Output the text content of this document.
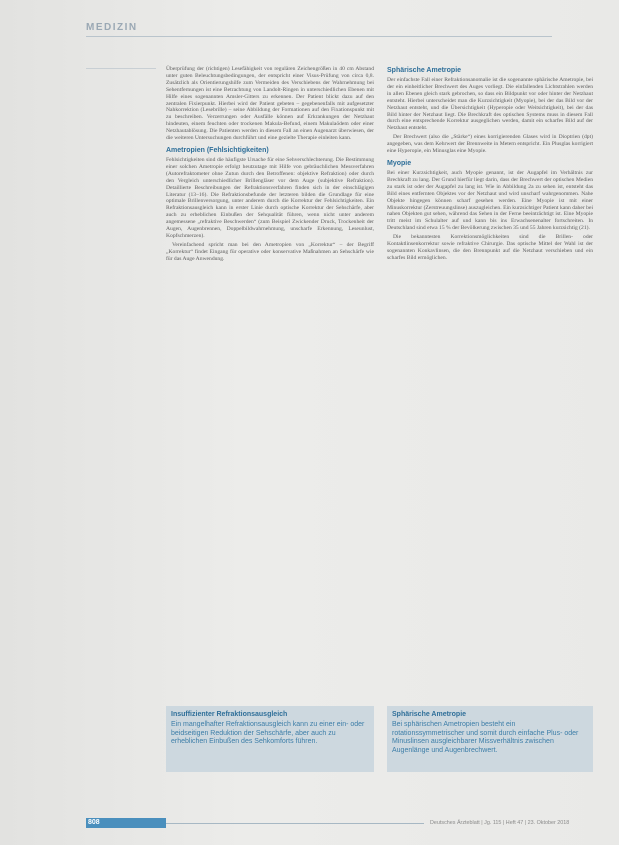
MEDIZIN

Überprüfung der (richtigen) Lesefähigkeit von regulären Zeichengrößen in 40 cm Abstand unter guten Beleuchtungsbedingungen, der entspricht einer Visus-Prüfung von circa 0,8. Zusätzlich als Orientierungshilfe zum Vermeiden des Verschiebens der Wahrnehmung bei Sehentfernungen ist eine Betrachtung von Landolt-Ringen in unterschiedlichen Ebenen mit Hilfe eines sogenannten Amsler-Gitters zu erkennen. Der Patient blickt dazu auf den zentralen Fixierpunkt. Hierbei wird der Patient gebeten – gegebenenfalls mit aufgesetzter Nahkorrektion (Lesebrille) – seine Abbildung der Formationen auf den Fixationspunkt mit zu beschreiben. Verzerrungen oder Ausfälle können auf Erkrankungen der Netzhaut hindeuten, einem feuchten oder trockenen Makula-Befund, einem Makulaödem oder einer Netzhautablösung. Die Patienten werden in diesem Fall an einen Augenarzt überwiesen, der die weiteren Untersuchungen durchführt und eine gezielte Therapie einleiten kann.

Ametropien (Fehlsichtigkeiten)

Fehlsichtigkeiten sind die häufigste Ursache für eine Sehverschlechterung. Die Bestimmung einer solchen Ametropie erfolgt heutzutage mit Hilfe von gebräuchlichen Messverfahren (Autorefraktometer ohne Zutun durch den Betroffenen: objektive Refraktion) oder durch den Vergleich unterschiedlicher Brillengläser vor dem Auge (subjektive Refraktion). Detaillierte Beschreibungen der Refraktionsverfahren finden sich in der einschlägigen Literatur (13–16). Die Refraktionsbefunde der letzteren bilden die Grundlage für eine optimale Brillenversorgung, unter anderem durch die Korrektur der Fehlsichtigkeiten. Ein Refraktionsausgleich kann in erster Linie durch optische Korrektur der Sehschärfe, aber auch zu erheblichen Einbußen der Sehqualität führen, wenn nicht unter anderem angemessene „refraktive Beschwerden“ (zum Beispiel Zwickender Druck, Trockenheit der Augen, Augenbrennen, Doppelbildwahrnehmung, unscharfe Erkennung, Leseunlust, Kopfschmerzen).

Vereinfachend spricht man bei den Ametropien von „Korrektur“ – der Begriff „Korrektur“ findet Eingang für operative oder konservative Maßnahmen an Sehschärfe wie für das Auge Anwendung.

Sphärische Ametropie

Der einfachste Fall einer Refraktionsanomalie ist die sogenannte sphärische Ametropie, bei der ein einheitlicher Brechwert des Auges vorliegt. Die einfallenden Lichtstrahlen werden in allen Ebenen gleich stark gebrochen, so dass ein Bildpunkt vor oder hinter der Netzhaut entsteht. Hierbei unterscheidet man die Kurzsichtigkeit (Myopie), bei der das Bild vor der Netzhaut entsteht, und die Übersichtigkeit (Hyperopie oder Weitsichtigkeit), bei der das Bild hinter der Netzhaut liegt. Die Brechkraft des optischen Systems muss in diesem Fall durch eine entsprechende Korrektur ausgeglichen werden, damit ein scharfes Bild auf der Netzhaut entsteht.

Der Brechwert (also die „Stärke“) eines korrigierenden Glases wird in Dioptrien (dpt) angegeben, was dem Kehrwert der Brennweite in Metern entspricht. Ein Plusglas korrigiert eine Hyperopie, ein Minusglas eine Myopie.

Myopie

Bei einer Kurzsichtigkeit, auch Myopie genannt, ist der Augapfel im Verhältnis zur Brechkraft zu lang. Der Grund hierfür liegt darin, dass der Brechwert der optischen Medien zu stark ist oder der Augapfel zu lang ist. Wie in Abbildung 2a zu sehen ist, entsteht das Bild eines entfernten Objektes vor der Netzhaut und wird unscharf wahrgenommen. Nahe Objekte hingegen können scharf gesehen werden. Eine Myopie ist mit einer Minuskorrektur (Zerstreuungslinse) auszugleichen. Ein kurzsichtiger Patient kann daher bei nahen Objekten gut sehen, während das Sehen in der Ferne beeinträchtigt ist. Eine Myopie tritt meist im Schulalter auf und kann bis ins Erwachsenenalter fortschreiten. In Deutschland sind etwa 15 % der Bevölkerung zwischen 35 und 55 Jahren kurzsichtig (21).

Die bekanntesten Korrektionsmöglichkeiten sind die Brillen- oder Kontaktlinsenkorrektur sowie refraktive Chirurgie. Das optische Mittel der Wahl ist der sogenannten Konkavlinsen, die den Brennpunkt auf die Netzhaut verschieben und ein scharfes Bild ermöglichen.

Insuffizienter Refraktionsausgleich
Ein mangelhafter Refraktionsausgleich kann zu einer ein- oder beidseitigen Reduktion der Sehschärfe, aber auch zu erheblichen Einbußen des Sehkomforts führen.
Sphärische Ametropie
Bei sphärischen Ametropien besteht ein rotationssymmetrischer und somit durch einfache Plus- oder Minuslinsen ausgleichbarer Missverhältnis zwischen Augenlänge und Augenbrechwert.
808	Deutsches Ärzteblatt | Jg. 115 | Heft 47 | 23. Oktober 2018
